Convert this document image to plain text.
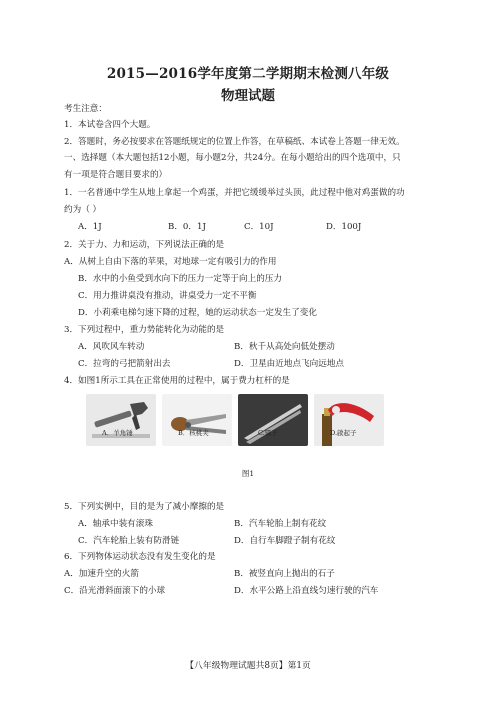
2015—2016学年度第二学期期末检测八年级
物理试题
考生注意：
1．本试卷含四个大题。
2．答题时，务必按要求在答题纸规定的位置上作答，在草稿纸、本试卷上答题一律无效。
一、选择题（本大题包括12小题，每小题2分，共24分。在每小题给出的四个选项中，只
有一项是符合题目要求的）
1．一名普通中学生从地上拿起一个鸡蛋，并把它缓缓举过头顶，此过程中他对鸡蛋做的功
约为（ ）
A．1J	B．0．1J	C．10J	D．100J
2．关于力、力和运动，下列说法正确的是
A．从树上自由下落的苹果，对地球一定有吸引力的作用
B．水中的小鱼受到水向下的压力一定等于向上的压力
C．用力推讲桌没有推动，讲桌受力一定不平衡
D．小莉乘电梯匀速下降的过程，她的运动状态一定发生了变化
3．下列过程中，重力势能转化为动能的是
A．风吹风车转动	B．秋千从高处向低处摆动
C．拉弯的弓把箭射出去	D．卫星由近地点飞向远地点
4．如图1所示工具在正常使用的过程中，属于费力杠杆的是
A．羊角锤	B．核桃夹	C.镊子	D.啟起子
图1
5．下列实例中，目的是为了减小摩擦的是
A．轴承中装有滚珠	B．汽车轮胎上制有花纹
C．汽车轮胎上装有防滑链	D．自行车脚蹬子制有花纹
6．下列物体运动状态没有发生变化的是
A．加速升空的火箭	B．被竖直向上抛出的石子
C．沿光滑斜面滚下的小球	D．水平公路上沿直线匀速行驶的汽车
【八年级物理试题共8页】第1页
